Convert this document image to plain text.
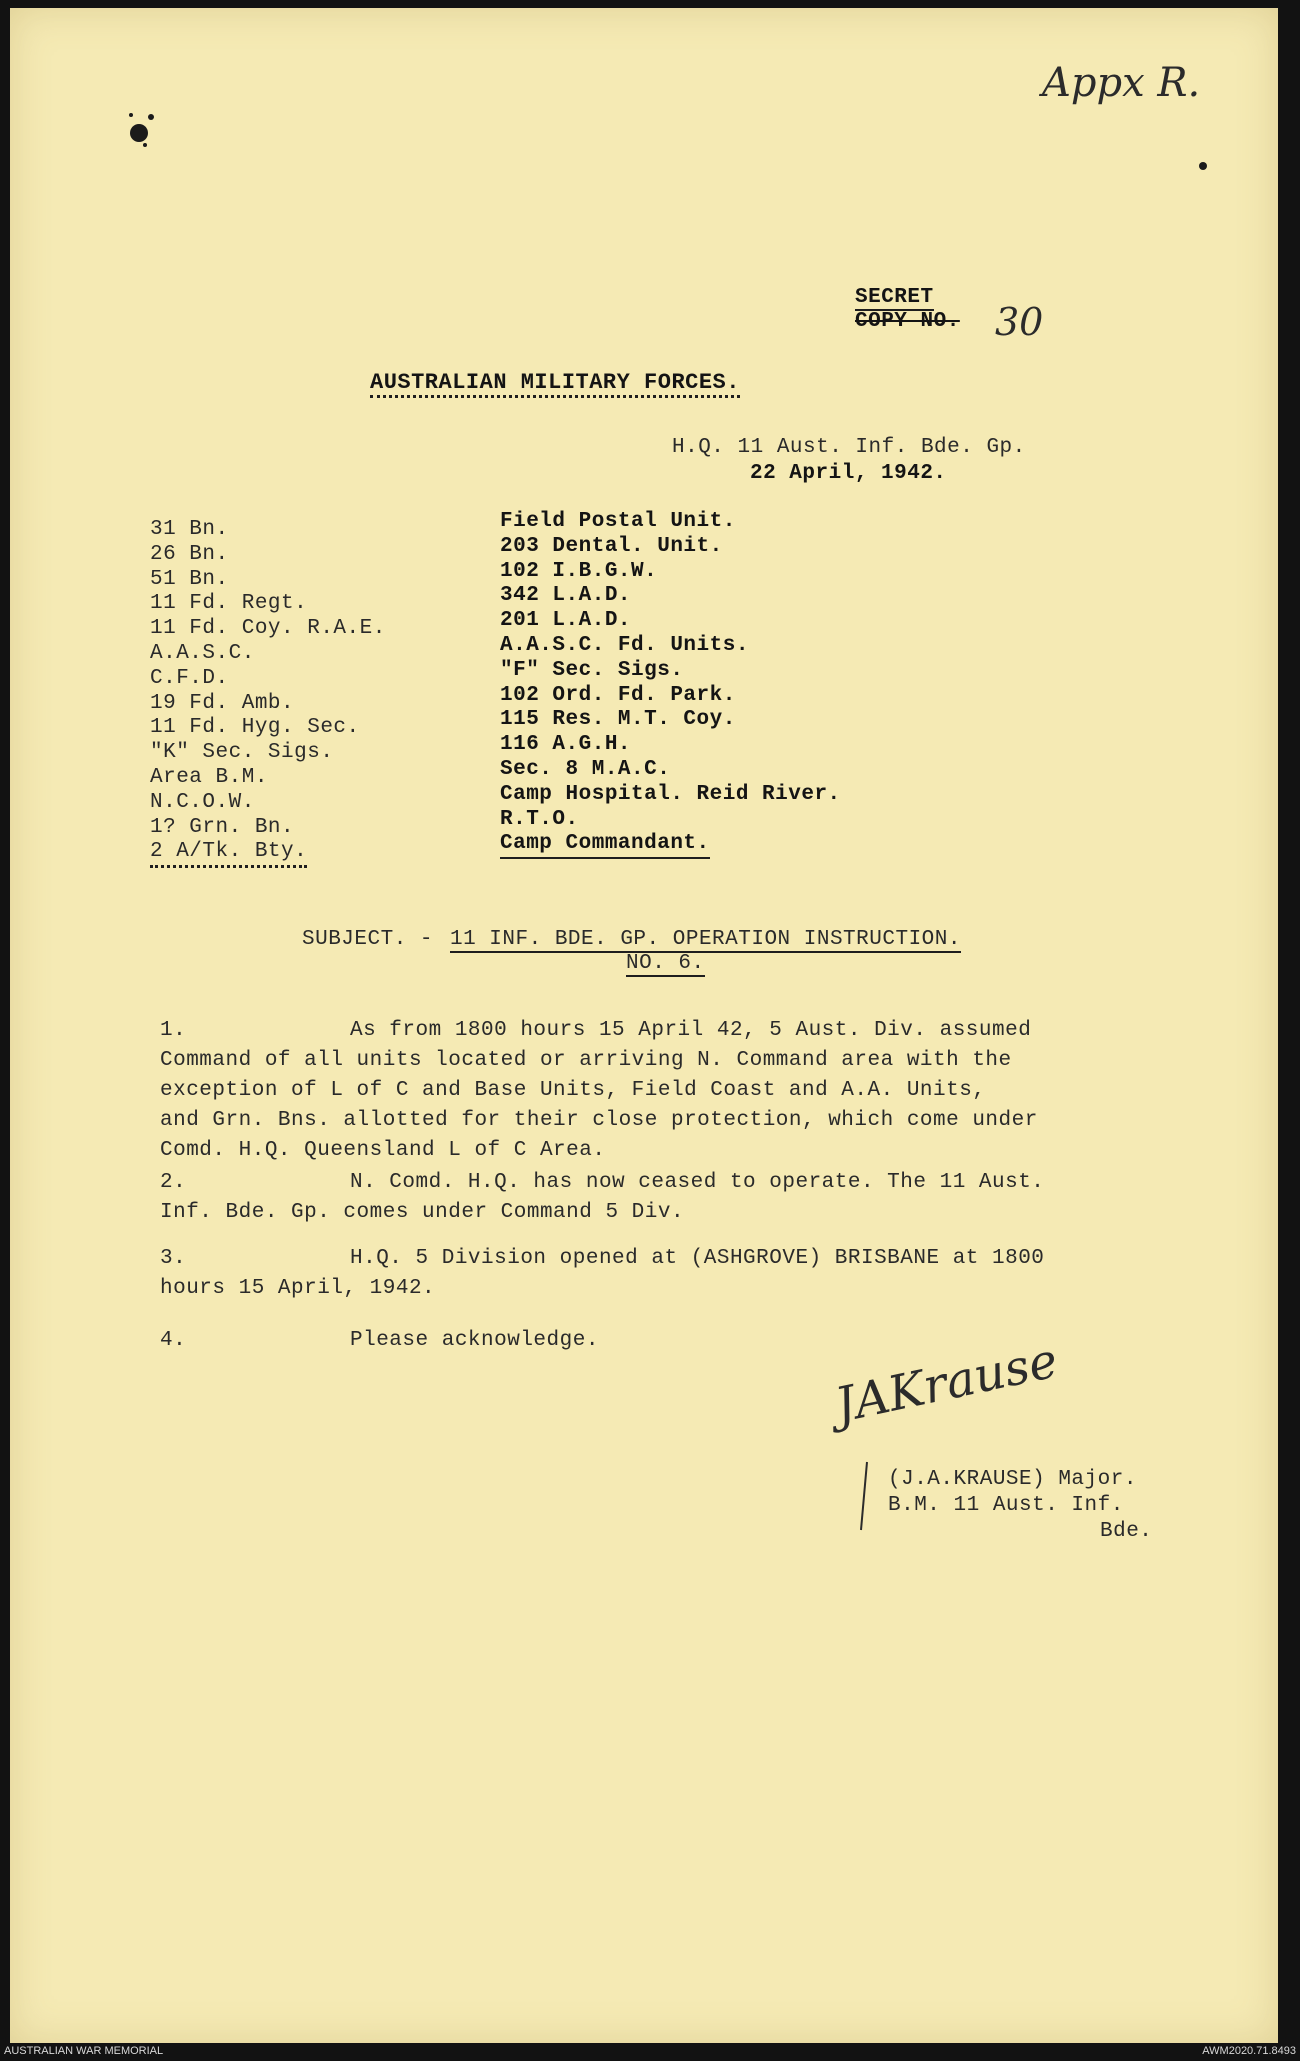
Appx R.
SECRET
COPY NO. 30
AUSTRALIAN MILITARY FORCES.
H.Q. 11 Aust. Inf. Bde. Gp.
22 April, 1942.
31 Bn.
26 Bn.
51 Bn.
11 Fd. Regt.
11 Fd. Coy. R.A.E.
A.A.S.C.
C.F.D.
19 Fd. Amb.
11 Fd. Hyg. Sec.
"K" Sec. Sigs.
Area B.M.
N.C.O.W.
1? Grn. Bn.
2 A/Tk. Bty.
Field Postal Unit.
203 Dental. Unit.
102 I.B.G.W.
342 L.A.D.
201 L.A.D.
A.A.S.C. Fd. Units.
"F" Sec. Sigs.
102 Ord. Fd. Park.
115 Res. M.T. Coy.
116 A.G.H.
Sec. 8 M.A.C.
Camp Hospital. Reid River.
R.T.O.
Camp Commandant.
SUBJECT. - 11 INF. BDE. GP. OPERATION INSTRUCTION.
NO. 6.

1.	As from 1800 hours 15 April 42, 5 Aust. Div. assumed

Command of all units located or arriving N. Command area with the

exception of L of C and Base Units, Field Coast and A.A. Units,

and Grn. Bns. allotted for their close protection, which come under

Comd. H.Q. Queensland L of C Area.

2.	N. Comd. H.Q. has now ceased to operate. The 11 Aust.

Inf. Bde. Gp. comes under Command 5 Div.

3.	H.Q. 5 Division opened at (ASHGROVE) BRISBANE at 1800

hours 15 April, 1942.

4.	Please acknowledge.	JAKrause
(J.A.KRAUSE) Major.
B.M. 11 Aust. Inf.
Bde.
AUSTRALIAN WAR MEMORIAL	AWM2020.71.8493
